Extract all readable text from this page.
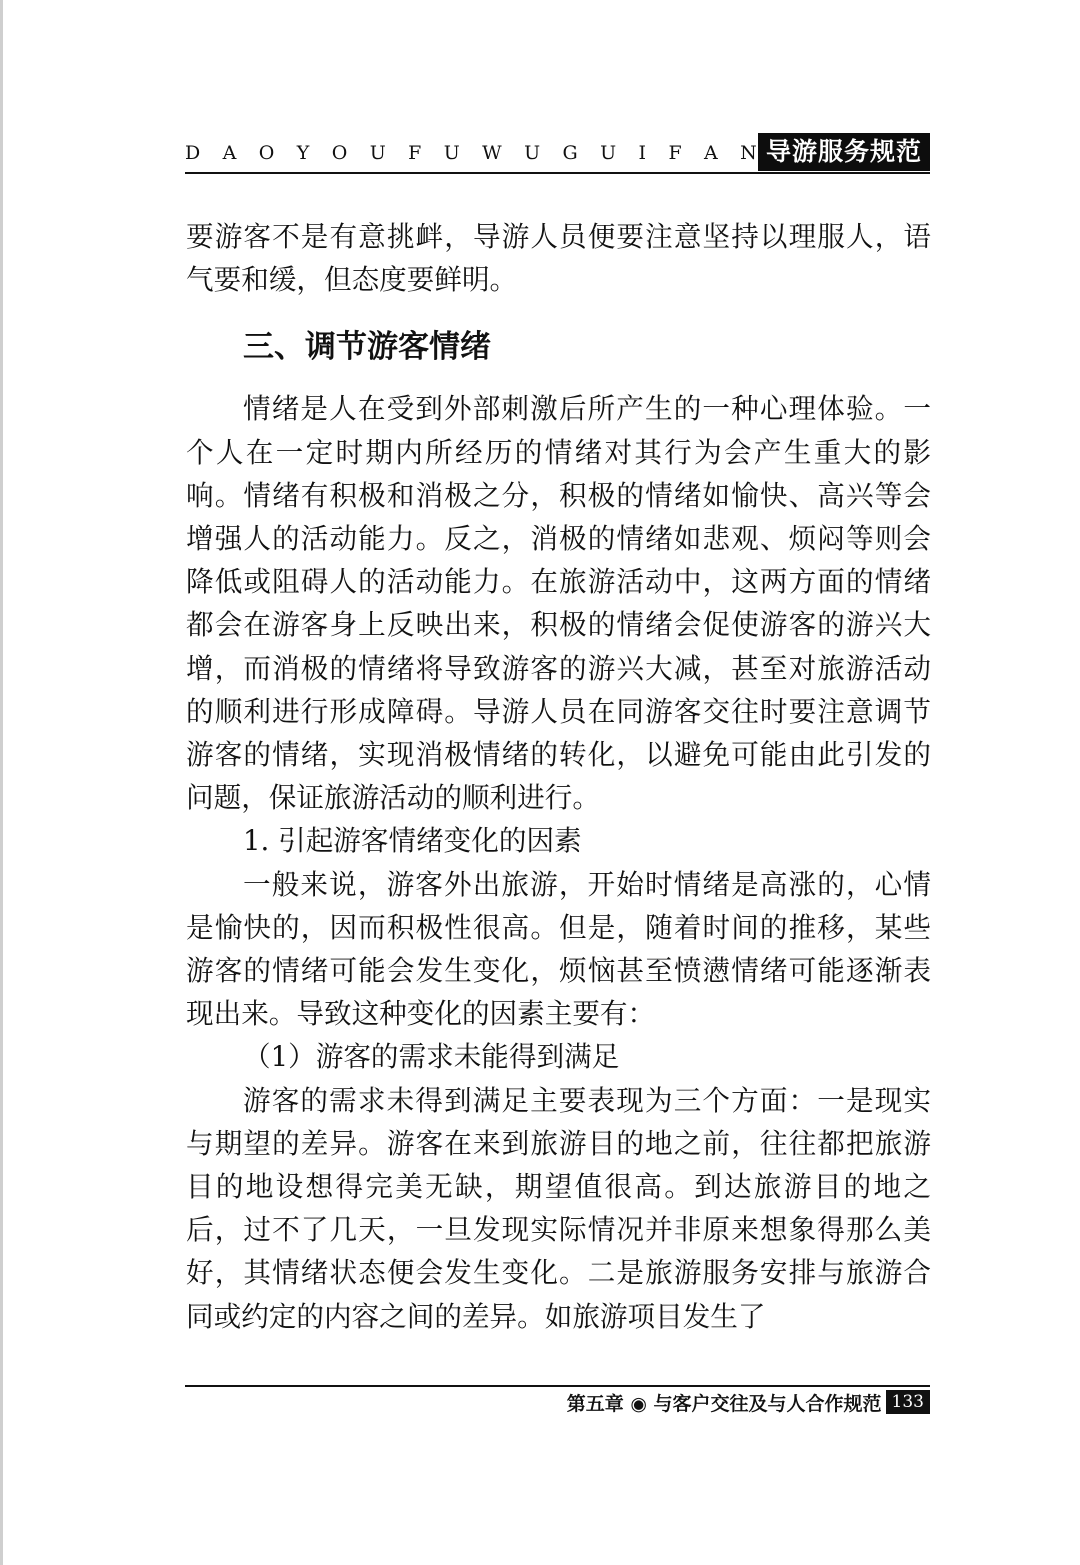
D A O Y O U F U W U G U I F A N 导游服务规范

要游客不是有意挑衅，导游人员便要注意坚持以理服人，语气要和缓，但态度要鲜明。

三、调节游客情绪

情绪是人在受到外部刺激后所产生的一种心理体验。一个人在一定时期内所经历的情绪对其行为会产生重大的影响。情绪有积极和消极之分，积极的情绪如愉快、高兴等会增强人的活动能力。反之，消极的情绪如悲观、烦闷等则会降低或阻碍人的活动能力。在旅游活动中，这两方面的情绪都会在游客身上反映出来，积极的情绪会促使游客的游兴大增，而消极的情绪将导致游客的游兴大减，甚至对旅游活动的顺利进行形成障碍。导游人员在同游客交往时要注意调节游客的情绪，实现消极情绪的转化，以避免可能由此引发的问题，保证旅游活动的顺利进行。

1. 引起游客情绪变化的因素

一般来说，游客外出旅游，开始时情绪是高涨的，心情是愉快的，因而积极性很高。但是，随着时间的推移，某些游客的情绪可能会发生变化，烦恼甚至愤懑情绪可能逐渐表现出来。导致这种变化的因素主要有：

（1）游客的需求未能得到满足

游客的需求未得到满足主要表现为三个方面：一是现实与期望的差异。游客在来到旅游目的地之前，往往都把旅游目的地设想得完美无缺，期望值很高。到达旅游目的地之后，过不了几天，一旦发现实际情况并非原来想象得那么美好，其情绪状态便会发生变化。二是旅游服务安排与旅游合同或约定的内容之间的差异。如旅游项目发生了

第五章 ◉ 与客户交往及与人合作规范 133
